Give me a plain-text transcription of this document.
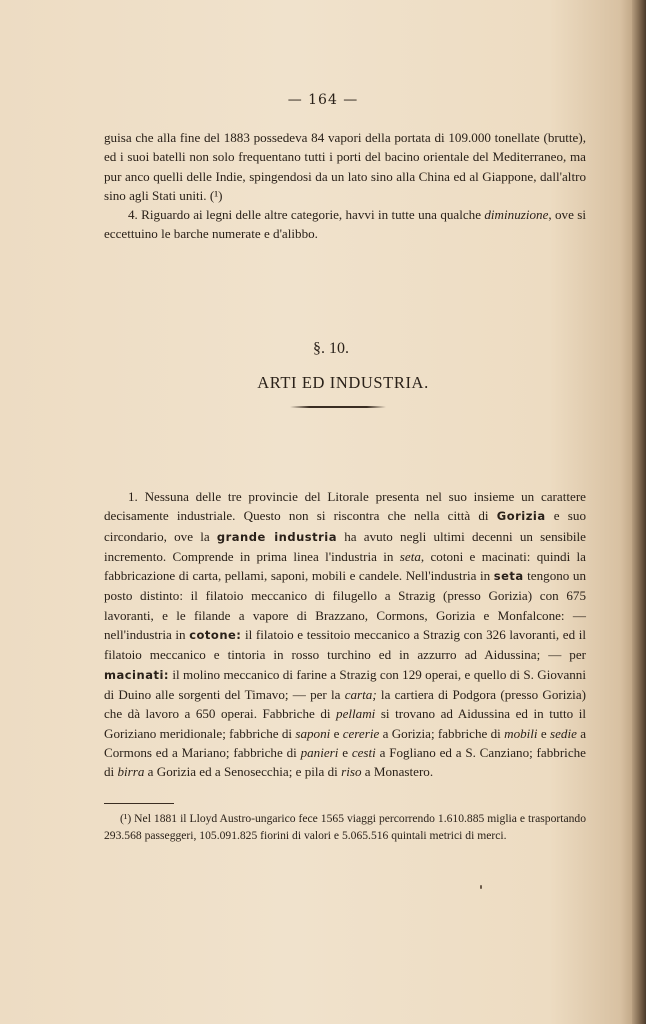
— 164 —

guisa che alla fine del 1883 possedeva 84 vapori della portata di 109.000 tonellate (brutte), ed i suoi batelli non solo frequentano tutti i porti del bacino orientale del Mediterraneo, ma pur anco quelli delle Indie, spingendosi da un lato sino alla China ed al Giappone, dall'altro sino agli Stati uniti. (¹)

4. Riguardo ai legni delle altre categorie, havvi in tutte una qualche diminuzione, ove si eccettuino le barche numerate e d'alibbo.

§. 10.
ARTI ED INDUSTRIA.

1. Nessuna delle tre provincie del Litorale presenta nel suo insieme un carattere decisamente industriale. Questo non si riscontra che nella città di Gorizia e suo circondario, ove la grande industria ha avuto negli ultimi decenni un sensibile incremento. Comprende in prima linea l'industria in seta, cotoni e macinati: quindi la fabbricazione di carta, pellami, saponi, mobili e candele. Nell'industria in seta tengono un posto distinto: il filatoio meccanico di filugello a Strazig (presso Gorizia) con 675 lavoranti, e le filande a vapore di Brazzano, Cormons, Gorizia e Monfalcone: — nell'industria in cotone: il filatoio e tessitoio meccanico a Strazig con 326 lavoranti, ed il filatoio meccanico e tintoria in rosso turchino ed in azzurro ad Aidussina; — per macinati: il molino meccanico di farine a Strazig con 129 operai, e quello di S. Giovanni di Duino alle sorgenti del Timavo; — per la carta; la cartiera di Podgora (presso Gorizia) che dà lavoro a 650 operai. Fabbriche di pellami si trovano ad Aidussina ed in tutto il Goriziano meridionale; fabbriche di saponi e cererie a Gorizia; fabbriche di mobili e sedie a Cormons ed a Mariano; fabbriche di panieri e cesti a Fogliano ed a S. Canziano; fabbriche di birra a Gorizia ed a Senosecchia; e pila di riso a Monastero.

(¹) Nel 1881 il Lloyd Austro-ungarico fece 1565 viaggi percorrendo 1.610.885 miglia e trasportando 293.568 passeggeri, 105.091.825 fiorini di valori e 5.065.516 quintali metrici di merci.
